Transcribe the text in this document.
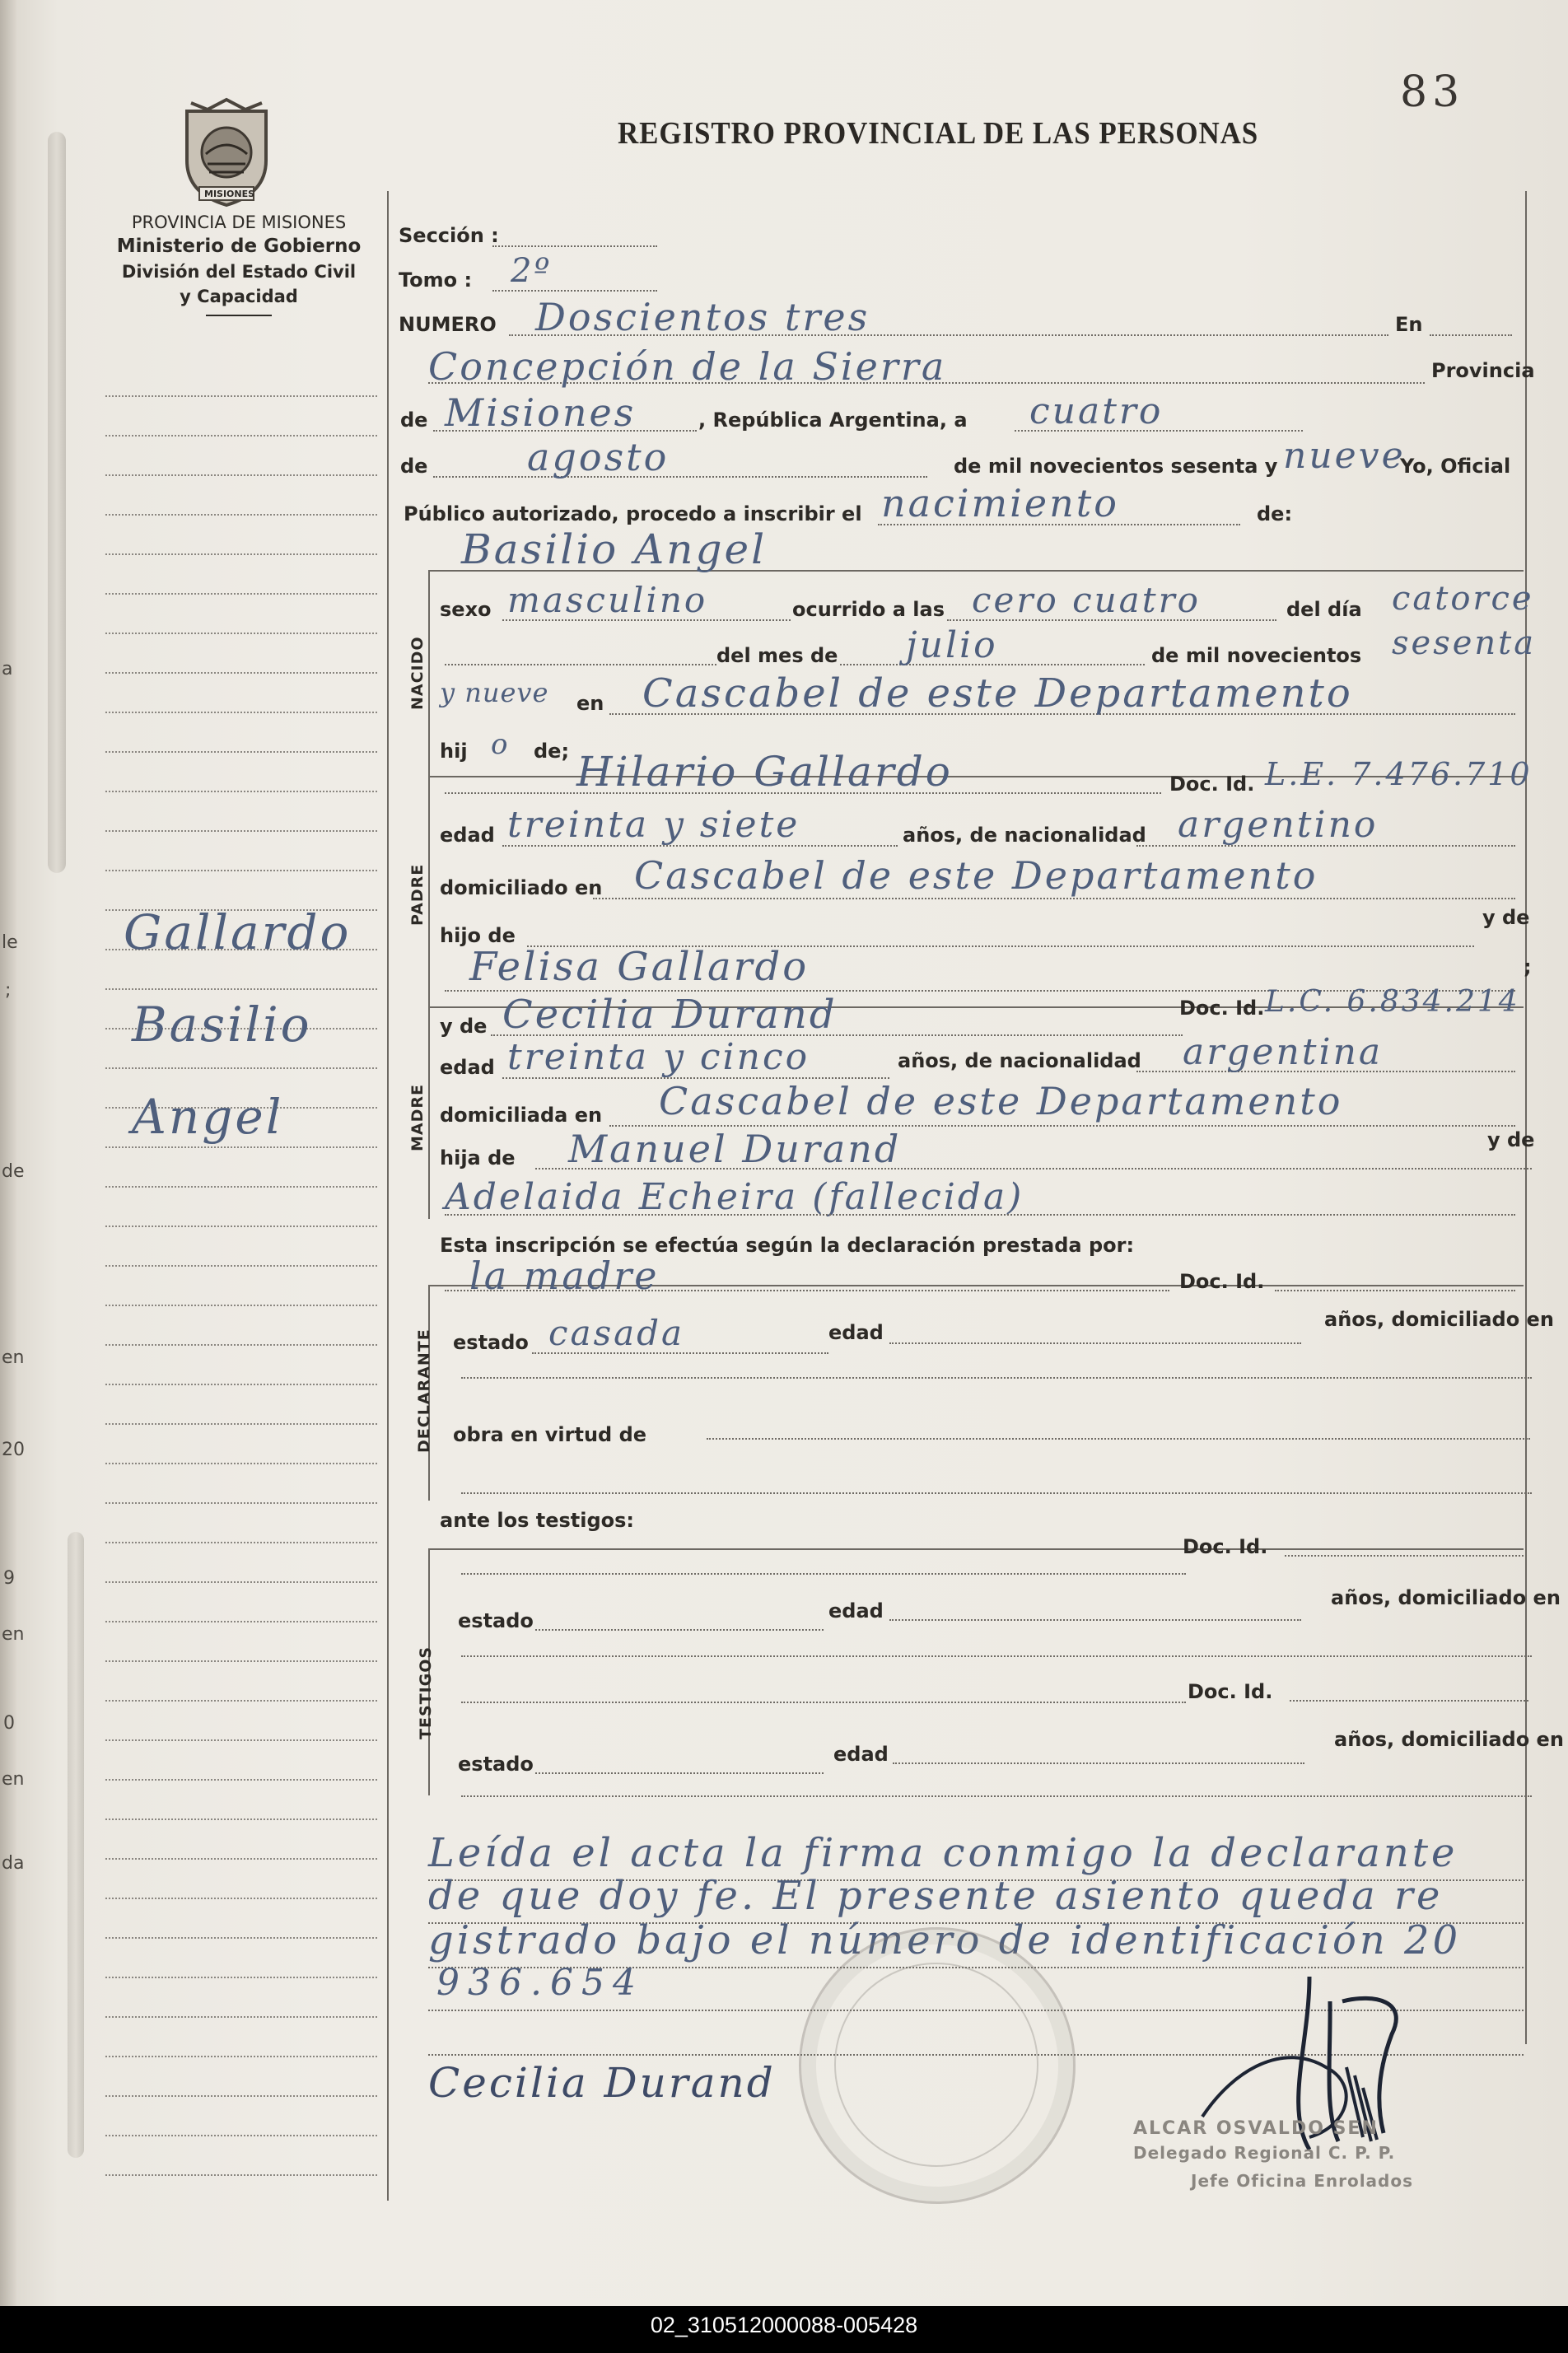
a
le
;
de
en
20
9
en
0
en
da
83
MISIONES
PROVINCIA DE MISIONES
Ministerio de Gobierno
División del Estado Civil
y Capacidad
REGISTRO PROVINCIAL DE LAS PERSONAS
Gallardo
Basilio
Angel
Sección :
Tomo : 2º
NUMERO Doscientos tres	En
Concepción de la Sierra	Provincia
de Misiones	, República Argentina, a cuatro
de	agosto	de mil novecientos sesenta y nueve
Yo, Oficial
Público autorizado, procedo a inscribir el nacimiento	de:
NACIDO
Basilio Angel
sexo masculino	ocurrido a las cero cuatro	del día catorce
del mes de julio	de mil novecientos sesenta
y nueve en Cascabel de este Departamento
hij o de;
PADRE
Hilario Gallardo	Doc. Id. L.E. 7.476.710
edad treinta y siete	años, de nacionalidad argentino
domiciliado en Cascabel de este Departamento
hijo de
y de
Felisa Gallardo	;
MADRE
y de Cecilia Durand	Doc. Id. L.C. 6.834.214
edad treinta y cinco	años, de nacionalidad argentina
domiciliada en Cascabel de este Departamento
hija de Manuel Durand	y de
Adelaida Echeira (fallecida)
Esta inscripción se efectúa según la declaración prestada por:
DECLARANTE
la madre	Doc. Id.
estado casada	edad
años, domiciliado en
obra en virtud de
ante los testigos:
TESTIGOS
Doc. Id.
estado	edad
años, domiciliado en
Doc. Id.
estado	edad
años, domiciliado en
Leída el acta la firma conmigo la declarante
de que doy fe. El presente asiento queda re
gistrado bajo el número de identificación 20
936.654
Cecilia Durand
ALCAR OSVALDO SEN
Delegado Regional C. P. P.
Jefe Oficina Enrolados
02_310512000088-005428
